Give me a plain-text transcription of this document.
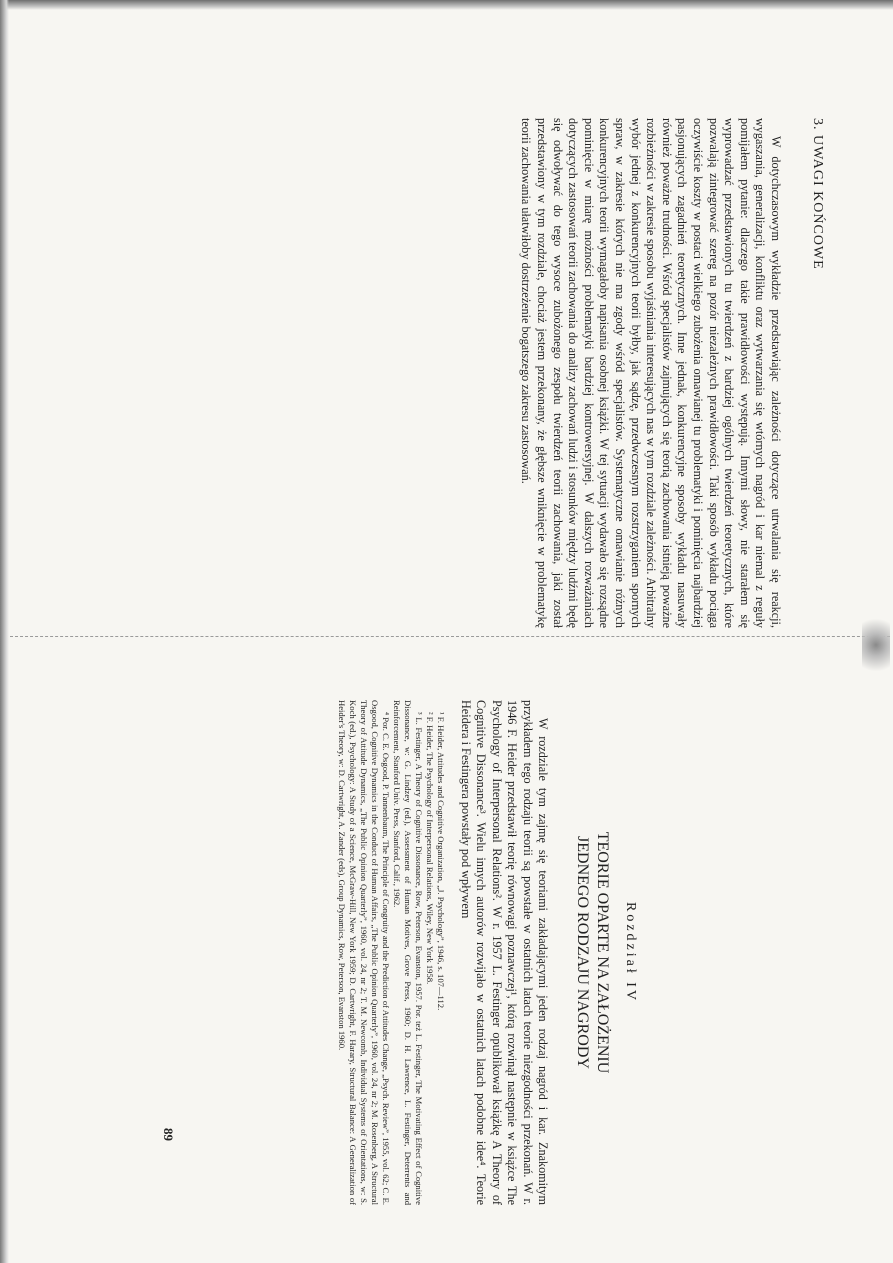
3. UWAGI KOŃCOWE

W dotychczasowym wykładzie przedstawiając zależności dotyczące utrwalania się reakcji, wygaszania, generalizacji, konfliktu oraz wytwarzania się wtórnych nagród i kar niemal z reguły pomijałem pytanie: dlaczego takie prawidłowości występują. Innymi słowy, nie starałem się wyprowadzać przedstawionych tu twierdzeń z bardziej ogólnych twierdzeń teoretycznych, które pozwalają zintegrować szereg na pozór niezależnych prawidłowości. Taki sposób wykładu pociąga oczywiście koszty w postaci wielkiego zubożenia omawianej tu problematyki i pominięcia najbardziej pasjonujących zagadnień teoretycznych. Inne jednak, konkurencyjne sposoby wykładu nasuwały również poważne trudności. Wśród specjalistów zajmujących się teorią zachowania istnieją poważne rozbieżności w zakresie sposobu wyjaśniania interesujących nas w tym rozdziale zależności. Arbitralny wybór jednej z konkurencyjnych teorii byłby, jak sądzę, przedwczesnym rozstrzyganiem spornych spraw, w zakresie których nie ma zgody wśród specjalistów. Systematyczne omawianie różnych konkurencyjnych teorii wymagałoby napisania osobnej książki. W tej sytuacji wydawało się rozsądne pominięcie w miarę możności problematyki bardziej kontrowersyjnej. W dalszych rozważaniach dotyczących zastosowań teorii zachowania do analizy zachowań ludzi i stosunków między ludźmi będę się odwoływać do tego wysoce zubożonego zespołu twierdzeń teorii zachowania, jaki został przedstawiony w tym rozdziale, chociaż jestem przekonany, że głębsze wniknięcie w problematykę teorii zachowania ułatwiłoby dostrzeżenie bogatszego zakresu zastosowań.

Rozdział IV
TEORIE OPARTE NA ZAŁOŻENIU
JEDNEGO RODZAJU NAGRODY

W rozdziale tym zajmę się teoriami zakładającymi jeden rodzaj nagród i kar. Znakomitym przykładem tego rodzaju teorii są powstałe w ostatnich latach teorie niezgodności przekonań. W r. 1946 F. Heider przedstawił teorię równowagi poznawczej¹, którą rozwinął następnie w książce The Psychology of Interpersonal Relations². W r. 1957 L. Festinger opublikował książkę A Theory of Cognitive Dissonance³. Wielu innych autorów rozwijało w ostatnich latach podobne idee⁴. Teorie Heidera i Festingera powstały pod wpływem

¹ F. Heider, Attitudes and Cognitive Organization, „J. Psychology”, 1946, s. 107—112.

² F. Heider, The Psychology of Interpersonal Relations, Wiley, New York 1958.

³ L. Festinger, A Theory of Cognitive Dissonance, Row, Peterson, Evanston, 1957. Por. też L. Festinger, The Motivating Effect of Cognitive Dissonance, w: G. Lindzey (ed.), Assessment of Human Motives, Grove Press, 1960; D. H. Lawrence, L. Festinger, Deterrents and Reinforcement, Stanford Univ. Press, Stanford, Calif., 1962.

⁴ Por. C. E. Osgood, P. Tannenbaum, The Principle of Congruity and the Prediction of Attitudes Change, „Psych. Review”, 1955, vol. 62; C. E. Osgood, Cognitive Dynamics in the Conduct of Human Affairs, „The Public Opinion Quarterly”, 1960, vol. 24, nr 2; M. Rosenberg, A Structural Theory of Attitude Dynamics, „The Public Opinion Quarterly”, 1960, vol. 24, nr 2; T. M. Newcomb, Individual Systems of Orientations, w: S. Koch (ed.), Psychology: A Study of a Science, McGraw-Hill, New York 1959; D. Cartwright, F. Harary, Structural Balance: A Generalization of Heider's Theory, w: D. Cartwright, A. Zander (eds), Group Dynamics, Row, Peterson, Evanston 1960.

89
